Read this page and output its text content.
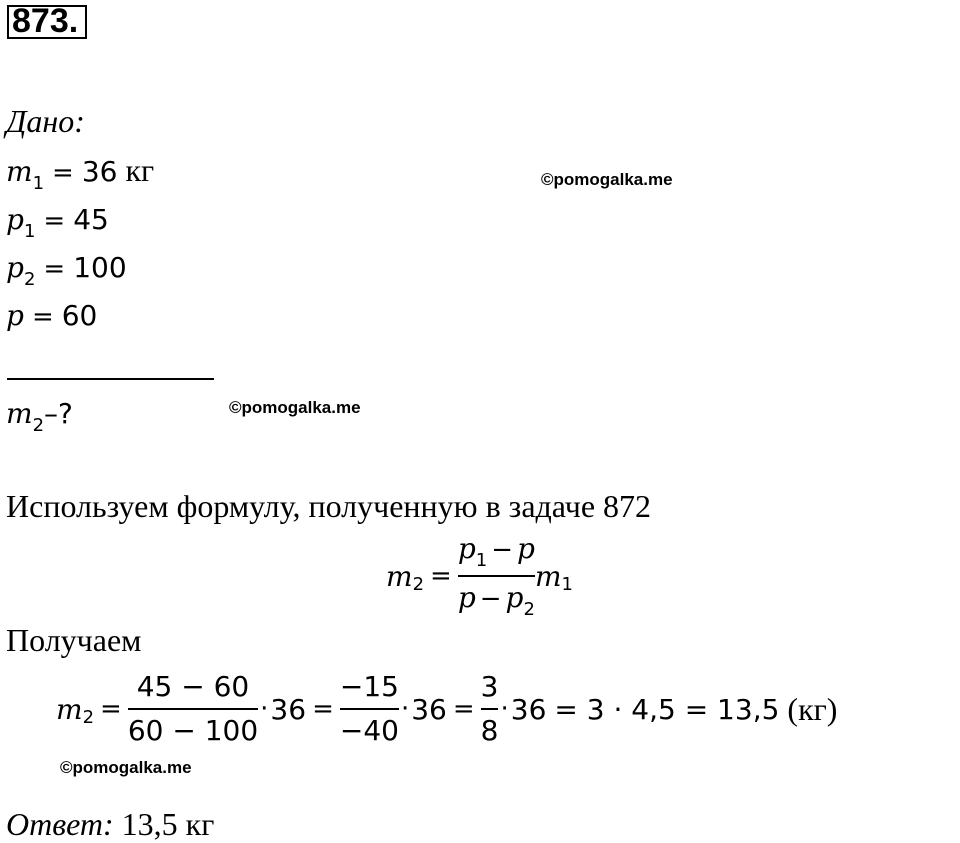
873.
Дано:
$m_1 = 36$ кг
$p_1 = 45$
$p_2 = 100$
p = 60
©pomogalka.me
$m_2-$?	©pomogalka.me
Используем формулу, полученную в задаче 872
m $2 = \frac{p1 - p}{p - p2}$ m 1
Получаем
m $2 = \frac{45 - 60}{60 - 100} \cdot 36 = \frac{-15}{-40} \cdot 36 = \frac{3}{8} \cdot 36 = 3 \cdot 4,5 = 13,5$ (кг)
©pomogalka.me
Ответ: 13,5 кг
